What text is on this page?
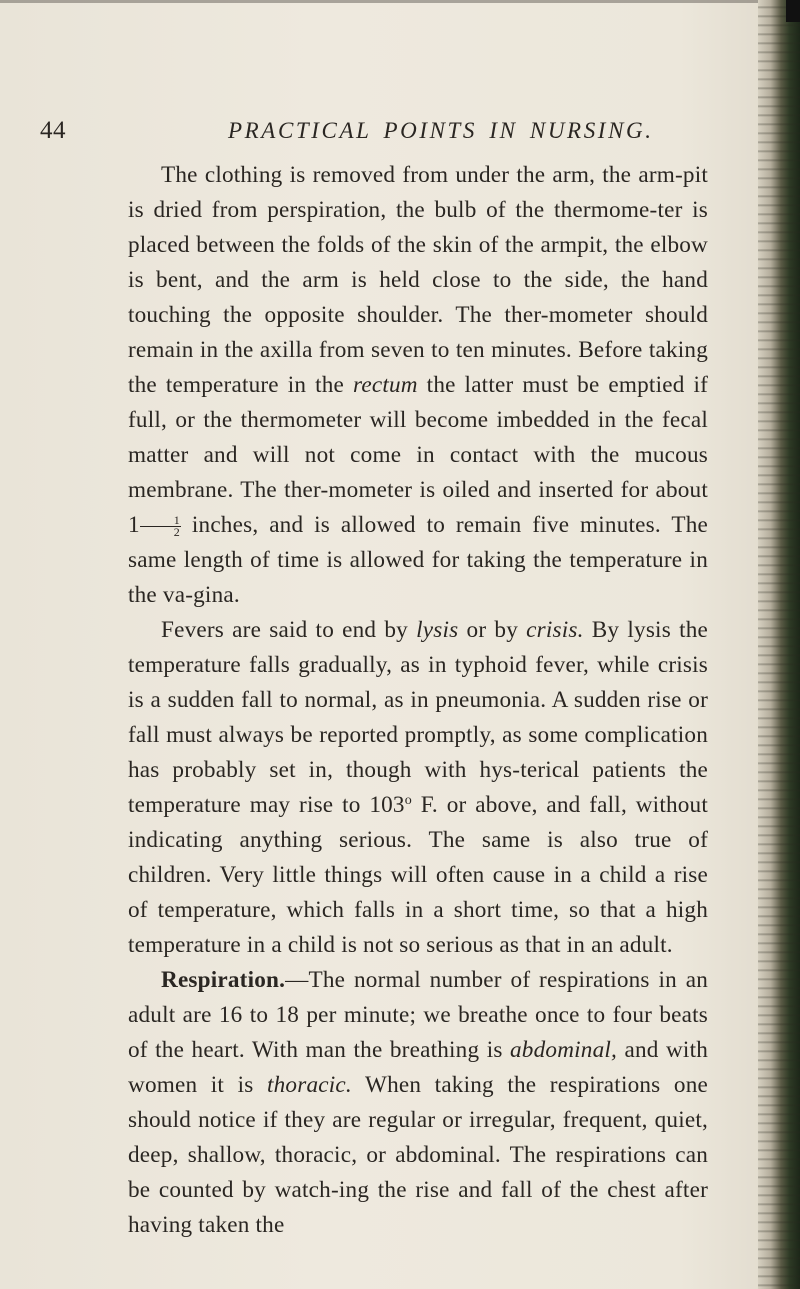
44	PRACTICAL POINTS IN NURSING.

The clothing is removed from under the arm, the arm-pit is dried from perspiration, the bulb of the thermome-ter is placed between the folds of the skin of the armpit, the elbow is bent, and the arm is held close to the side, the hand touching the opposite shoulder. The ther-mometer should remain in the axilla from seven to ten minutes. Before taking the temperature in the rectum the latter must be emptied if full, or the thermometer will become imbedded in the fecal matter and will not come in contact with the mucous membrane. The ther-mometer is oiled and inserted for about $1 \frac{1}{2}$ inches, and is allowed to remain five minutes. The same length of time is allowed for taking the temperature in the va-gina.

Fevers are said to end by lysis or by crisis. By lysis the temperature falls gradually, as in typhoid fever, while crisis is a sudden fall to normal, as in pneumonia. A sudden rise or fall must always be reported promptly, as some complication has probably set in, though with hys-terical patients the temperature may rise to 103$^o$ F. or above, and fall, without indicating anything serious. The same is also true of children. Very little things will often cause in a child a rise of temperature, which falls in a short time, so that a high temperature in a child is not so serious as that in an adult.

Respiration.—The normal number of respirations in an adult are 16 to 18 per minute; we breathe once to four beats of the heart. With man the breathing is abdominal, and with women it is thoracic. When taking the respirations one should notice if they are regular or irregular, frequent, quiet, deep, shallow, thoracic, or abdominal. The respirations can be counted by watch-ing the rise and fall of the chest after having taken the
